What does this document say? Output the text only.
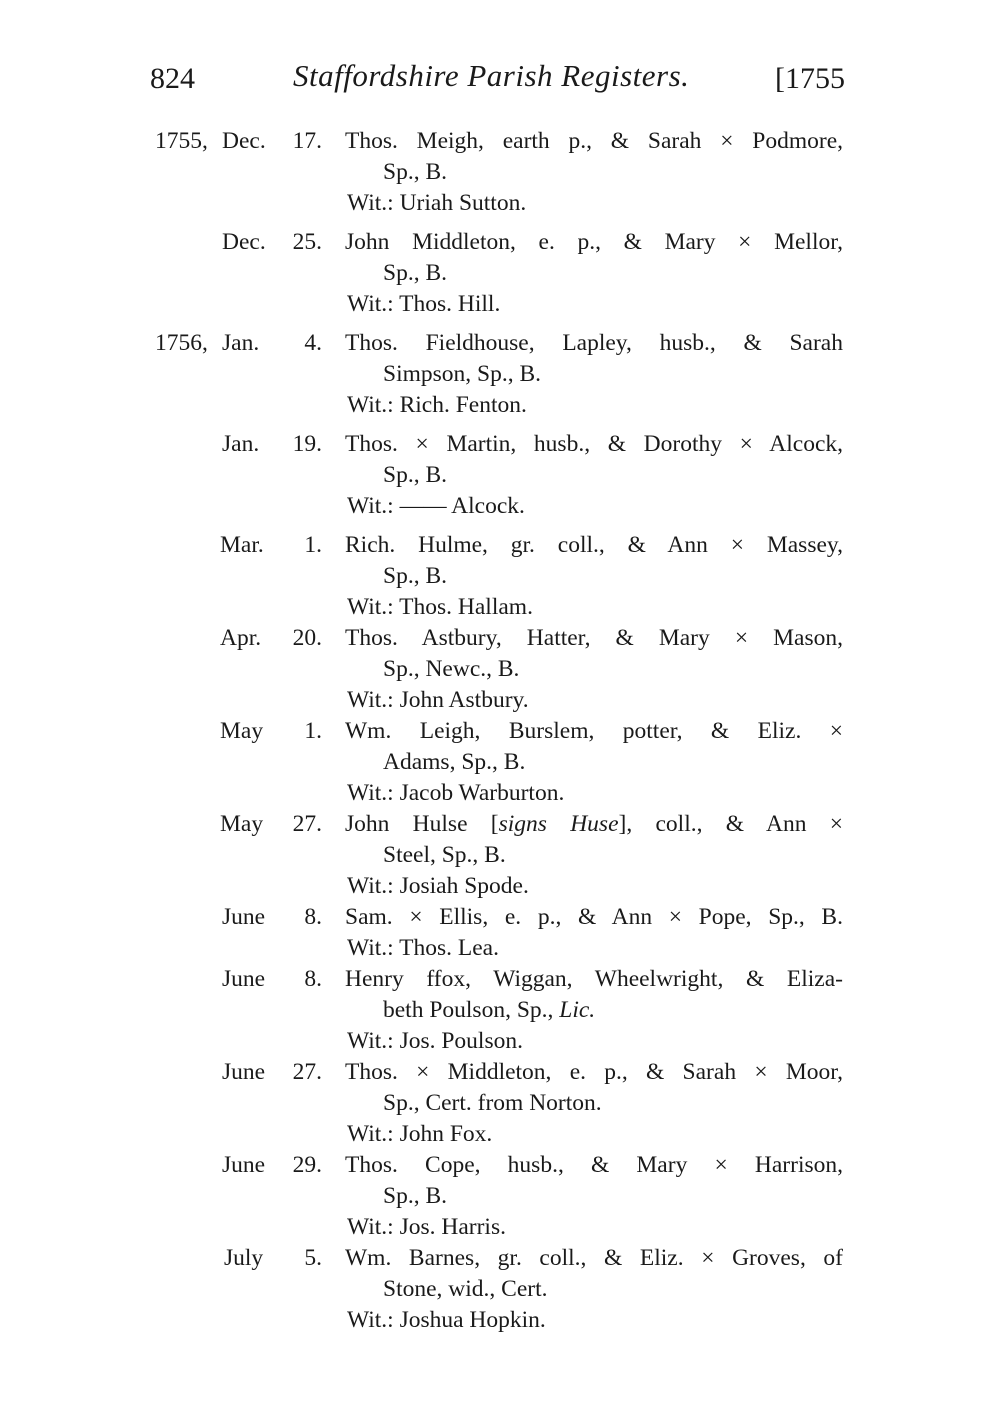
824	Staffordshire Parish Registers.	[1755
1755, Dec. 17. Thos. Meigh, earth p., & Sarah × Podmore,
Sp., B.
Wit.: Uriah Sutton.
Dec. 25. John Middleton, e. p., & Mary × Mellor,
Sp., B.
Wit.: Thos. Hill.
1756, Jan. 4. Thos. Fieldhouse, Lapley, husb., & Sarah
Simpson, Sp., B.
Wit.: Rich. Fenton.
Jan. 19. Thos. × Martin, husb., & Dorothy × Alcock,
Sp., B.
Wit.: —— Alcock.
Mar. 1. Rich. Hulme, gr. coll., & Ann × Massey,
Sp., B.
Wit.: Thos. Hallam.
Apr. 20. Thos. Astbury, Hatter, & Mary × Mason,
Sp., Newc., B.
Wit.: John Astbury.
May 1. Wm. Leigh, Burslem, potter, & Eliz. ×
Adams, Sp., B.
Wit.: Jacob Warburton.
May 27. John Hulse [signs Huse], coll., & Ann ×
Steel, Sp., B.
Wit.: Josiah Spode.
June 8. Sam. × Ellis, e. p., & Ann × Pope, Sp., B.
Wit.: Thos. Lea.
June 8. Henry ffox, Wiggan, Wheelwright, & Eliza-
beth Poulson, Sp., Lic.
Wit.: Jos. Poulson.
June 27. Thos. × Middleton, e. p., & Sarah × Moor,
Sp., Cert. from Norton.
Wit.: John Fox.
June 29. Thos. Cope, husb., & Mary × Harrison,
Sp., B.
Wit.: Jos. Harris.
July 5. Wm. Barnes, gr. coll., & Eliz. × Groves, of
Stone, wid., Cert.
Wit.: Joshua Hopkin.
